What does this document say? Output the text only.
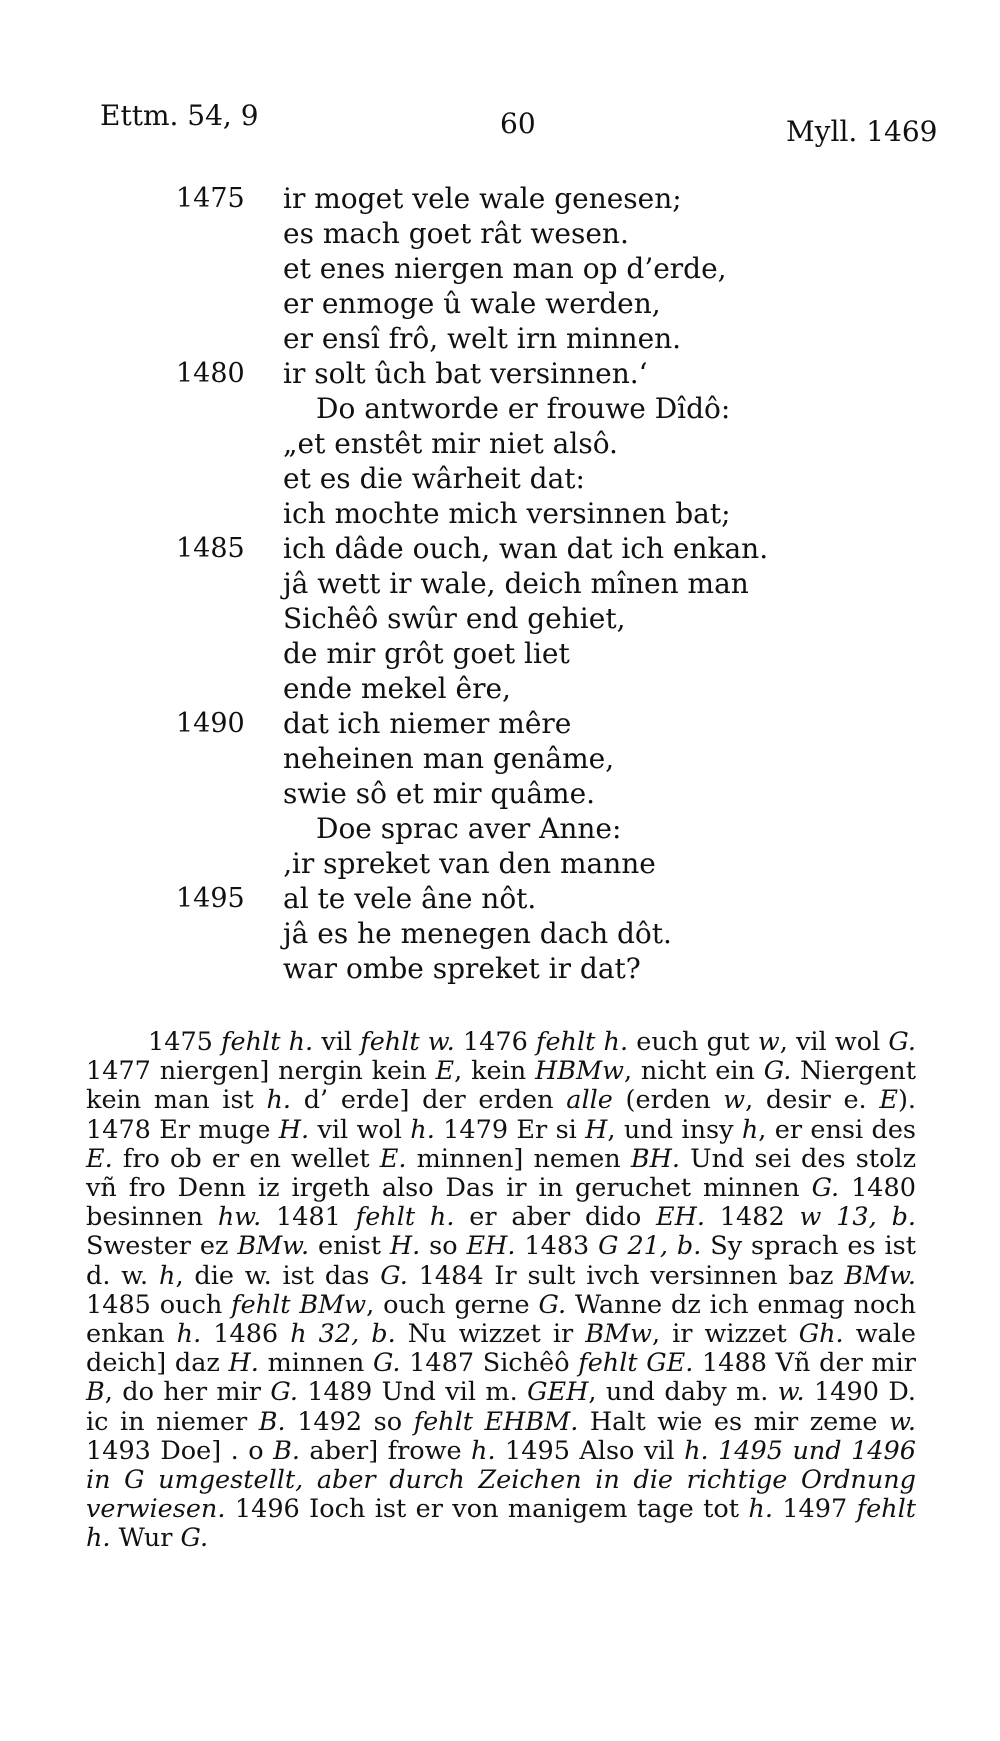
Ettm. 54, 9	60	Myll. 1469
1475	ir moget vele wale genesen;
es mach goet rât wesen.
et enes niergen man op d’erde,
er enmoge û wale werden,
er ensî frô, welt irn minnen.
1480	ir solt ûch bat versinnen.‘
Do antworde er frouwe Dîdô:
„et enstêt mir niet alsô.
et es die wârheit dat:
ich mochte mich versinnen bat;
1485	ich dâde ouch, wan dat ich enkan.
jâ wett ir wale, deich mînen man
Sichêô swûr end gehiet,
de mir grôt goet liet
ende mekel êre,
1490	dat ich niemer mêre
neheinen man genâme,
swie sô et mir quâme.
Doe sprac aver Anne:
‚ir spreket van den manne
1495	al te vele âne nôt.
jâ es he menegen dach dôt.
war ombe spreket ir dat?

1475 fehlt h. vil fehlt w. 1476 fehlt h. euch gut w, vil wol G. 1477 niergen] nergin kein E, kein HBMw, nicht ein G. Niergent kein man ist h. d’ erde] der erden alle (erden w, desir e. E). 1478 Er muge H. vil wol h. 1479 Er si H, und insy h, er ensi des E. fro ob er en wellet E. minnen] nemen BH. Und sei des stolz vñ fro Denn iz irgeth also Das ir in geruchet minnen G. 1480 besinnen hw. 1481 fehlt h. er aber dido EH. 1482 w 13, b. Swester ez BMw. enist H. so EH. 1483 G 21, b. Sy sprach es ist d. w. h, die w. ist das G. 1484 Ir sult ivch versinnen baz BMw. 1485 ouch fehlt BMw, ouch gerne G. Wanne dz ich enmag noch enkan h. 1486 h 32, b. Nu wizzet ir BMw, ir wizzet Gh. wale deich] daz H. minnen G. 1487 Sichêô fehlt GE. 1488 Vñ der mir B, do her mir G. 1489 Und vil m. GEH, und daby m. w. 1490 D. ic in niemer B. 1492 so fehlt EHBM. Halt wie es mir zeme w. 1493 Doe] . o B. aber] frowe h. 1495 Also vil h. 1495 und 1496 in G umgestellt, aber durch Zeichen in die richtige Ordnung verwiesen. 1496 Ioch ist er von manigem tage tot h. 1497 fehlt h. Wur G.
